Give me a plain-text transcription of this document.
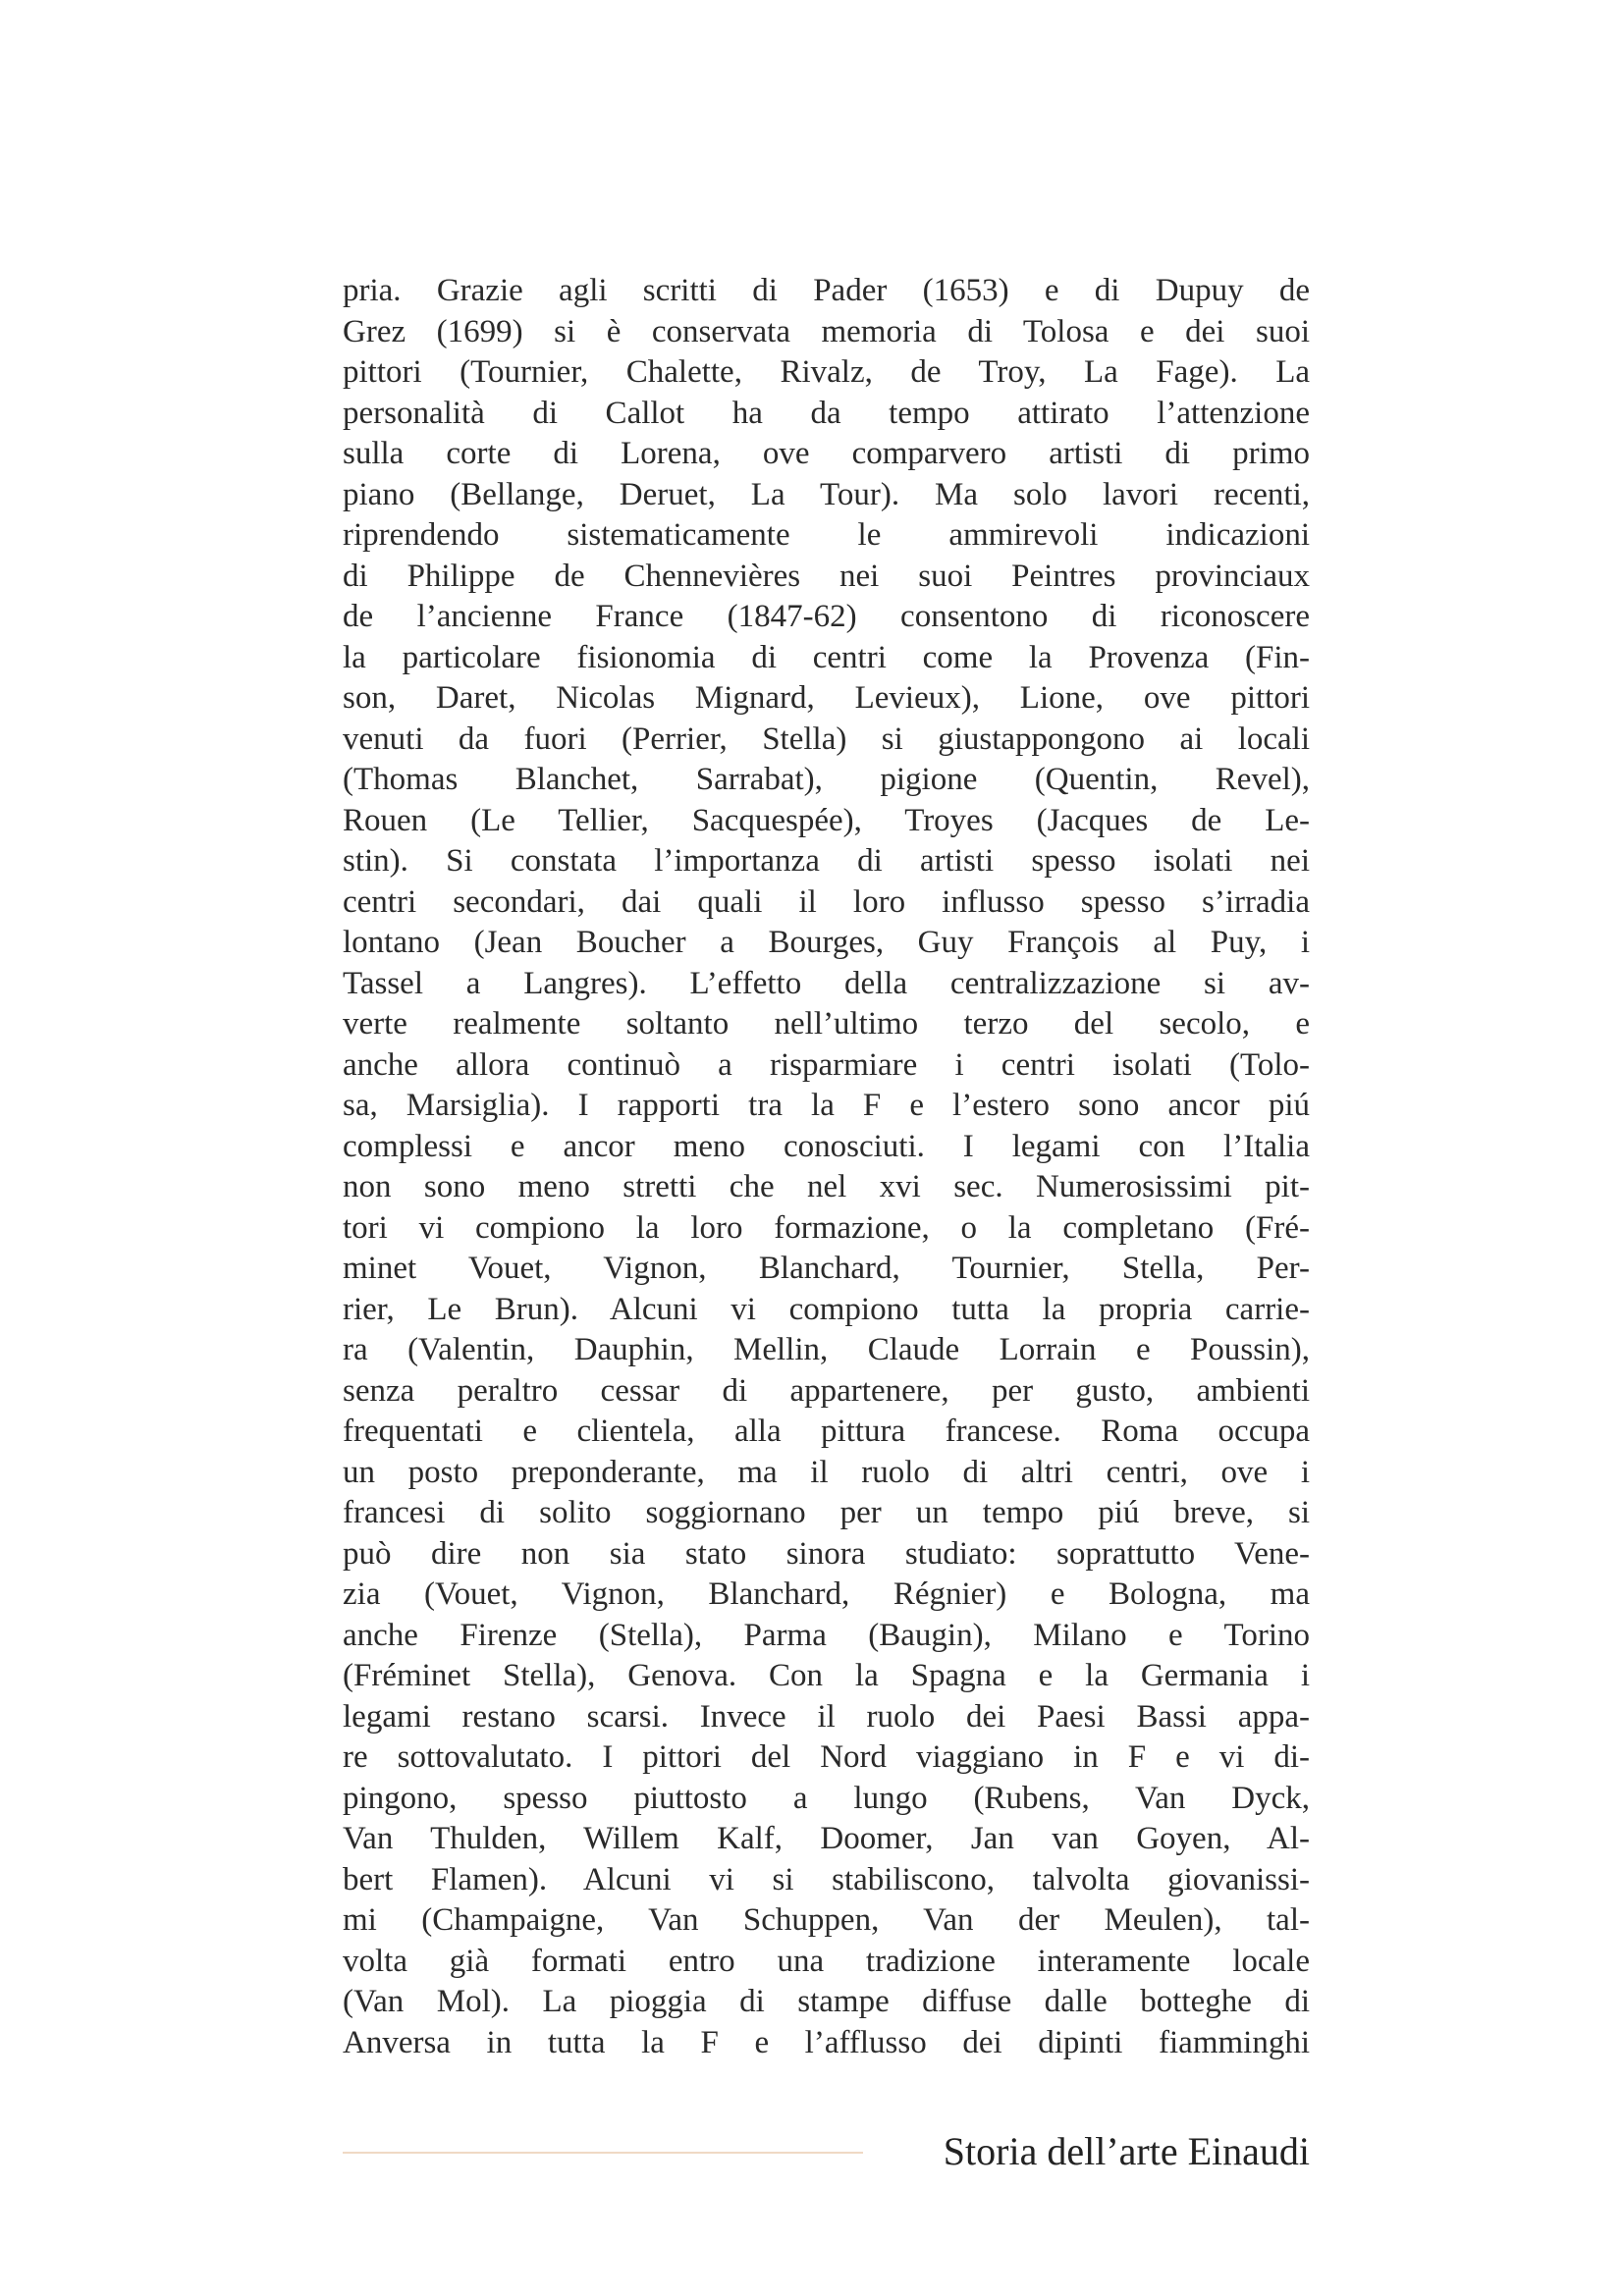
pria. Grazie agli scritti di Pader (1653) e di Dupuy de
Grez (1699) si è conservata memoria di Tolosa e dei suoi
pittori (Tournier, Chalette, Rivalz, de Troy, La Fage). La
personalità di Callot ha da tempo attirato l’attenzione
sulla corte di Lorena, ove comparvero artisti di primo
piano (Bellange, Deruet, La Tour). Ma solo lavori recenti,
riprendendo sistematicamente le ammirevoli indicazioni
di Philippe de Chennevières nei suoi Peintres provinciaux
de l’ancienne France (1847-62) consentono di riconoscere
la particolare fisionomia di centri come la Provenza (Fin-
son, Daret, Nicolas Mignard, Levieux), Lione, ove pittori
venuti da fuori (Perrier, Stella) si giustappongono ai locali
(Thomas Blanchet, Sarrabat), pigione (Quentin, Revel),
Rouen (Le Tellier, Sacquespée), Troyes (Jacques de Le-
stin). Si constata l’importanza di artisti spesso isolati nei
centri secondari, dai quali il loro influsso spesso s’irradia
lontano (Jean Boucher a Bourges, Guy François al Puy, i
Tassel a Langres). L’effetto della centralizzazione si av-
verte realmente soltanto nell’ultimo terzo del secolo, e
anche allora continuò a risparmiare i centri isolati (Tolo-
sa, Marsiglia). I rapporti tra la F e l’estero sono ancor piú
complessi e ancor meno conosciuti. I legami con l’Italia
non sono meno stretti che nel xvi sec. Numerosissimi pit-
tori vi compiono la loro formazione, o la completano (Fré-
minet Vouet, Vignon, Blanchard, Tournier, Stella, Per-
rier, Le Brun). Alcuni vi compiono tutta la propria carrie-
ra (Valentin, Dauphin, Mellin, Claude Lorrain e Poussin),
senza peraltro cessar di appartenere, per gusto, ambienti
frequentati e clientela, alla pittura francese. Roma occupa
un posto preponderante, ma il ruolo di altri centri, ove i
francesi di solito soggiornano per un tempo piú breve, si
può dire non sia stato sinora studiato: soprattutto Vene-
zia (Vouet, Vignon, Blanchard, Régnier) e Bologna, ma
anche Firenze (Stella), Parma (Baugin), Milano e Torino
(Fréminet Stella), Genova. Con la Spagna e la Germania i
legami restano scarsi. Invece il ruolo dei Paesi Bassi appa-
re sottovalutato. I pittori del Nord viaggiano in F e vi di-
pingono, spesso piuttosto a lungo (Rubens, Van Dyck,
Van Thulden, Willem Kalf, Doomer, Jan van Goyen, Al-
bert Flamen). Alcuni vi si stabiliscono, talvolta giovanissi-
mi (Champaigne, Van Schuppen, Van der Meulen), tal-
volta già formati entro una tradizione interamente locale
(Van Mol). La pioggia di stampe diffuse dalle botteghe di
Anversa in tutta la F e l’afflusso dei dipinti fiamminghi
Storia dell’arte Einaudi
